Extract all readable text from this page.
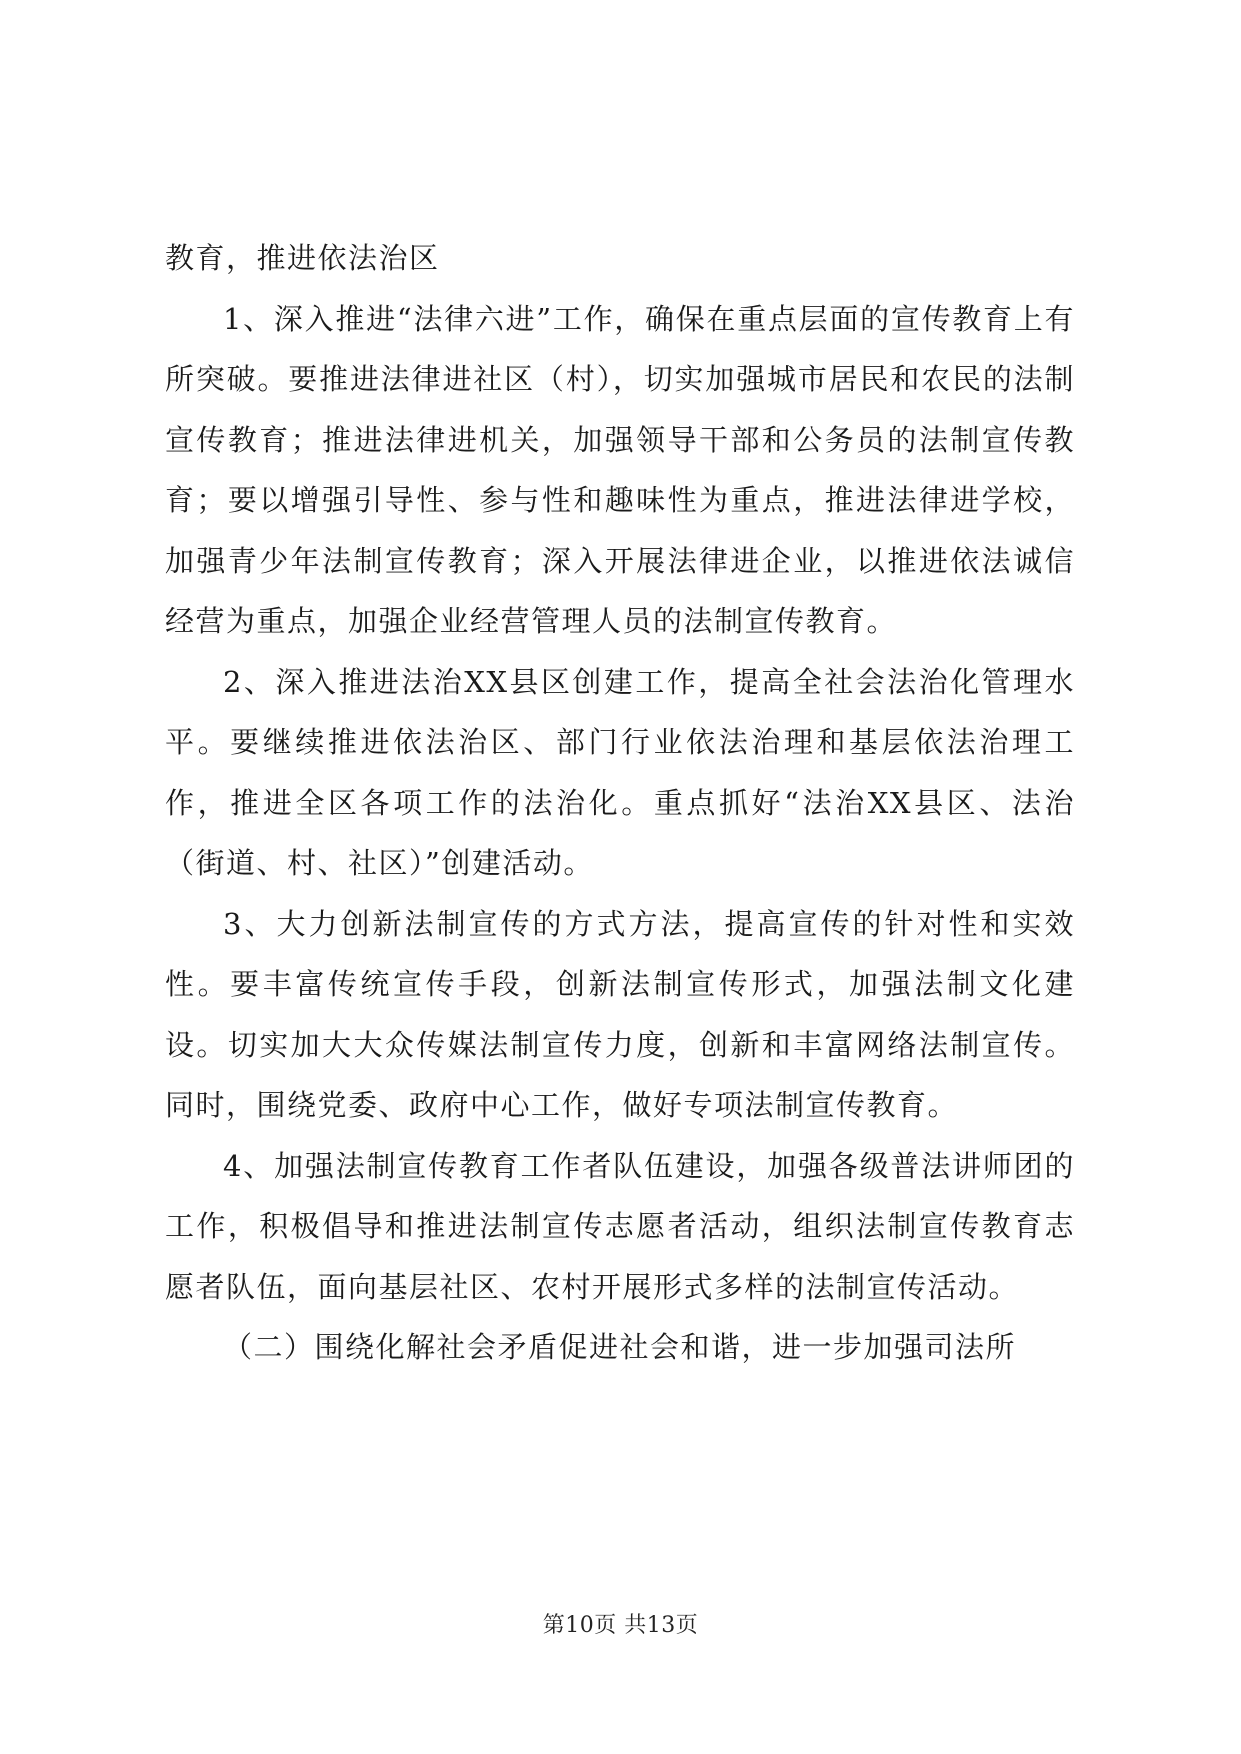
教育，推进依法治区

1、深入推进“法律六进”工作，确保在重点层面的宣传教育上有所突破。要推进法律进社区（村），切实加强城市居民和农民的法制宣传教育；推进法律进机关，加强领导干部和公务员的法制宣传教育；要以增强引导性、参与性和趣味性为重点，推进法律进学校，加强青少年法制宣传教育；深入开展法律进企业，以推进依法诚信经营为重点，加强企业经营管理人员的法制宣传教育。

2、深入推进法治XX县区创建工作，提高全社会法治化管理水平。要继续推进依法治区、部门行业依法治理和基层依法治理工作，推进全区各项工作的法治化。重点抓好“法治XX县区、法治（街道、村、社区）”创建活动。

3、大力创新法制宣传的方式方法，提高宣传的针对性和实效性。要丰富传统宣传手段，创新法制宣传形式，加强法制文化建设。切实加大大众传媒法制宣传力度，创新和丰富网络法制宣传。同时，围绕党委、政府中心工作，做好专项法制宣传教育。

4、加强法制宣传教育工作者队伍建设，加强各级普法讲师团的工作，积极倡导和推进法制宣传志愿者活动，组织法制宣传教育志愿者队伍，面向基层社区、农村开展形式多样的法制宣传活动。

（二）围绕化解社会矛盾促进社会和谐，进一步加强司法所

第10页 共13页
